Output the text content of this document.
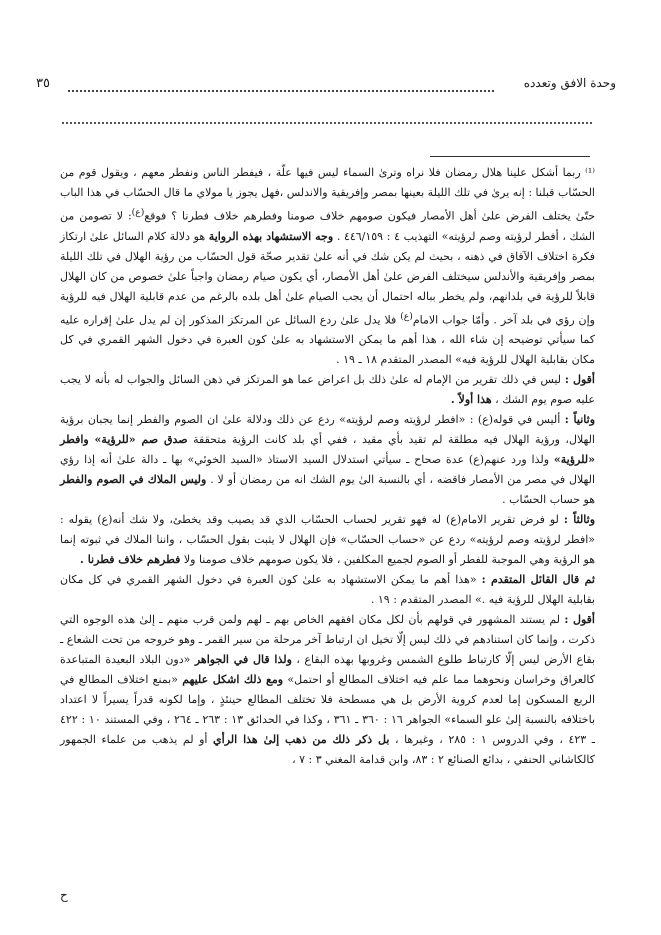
٣٥	وحدة الافق وتعدده

⁽¹⁾ ربما أشكل علينا هلال رمضان فلا نراه وترىٰ السماء ليس فيها علّة ، فيفطر الناس ونفطر معهم ، ويقول قوم من الحسّاب قبلنا : إنه يرىٰ في تلك الليلة بعينها بمصر وإفريقية والاندلس ،فهل يجوز يا مولاي ما قال الحسّاب في هذا الباب حتّىٰ يختلف الفرض علىٰ أهل الأمصار فيكون صومهم خلاف صومنا وفطرهم خلاف فطرنا ؟ فوقع$^{(ع)}$: لا تصومن من الشك ، أفطر لرؤيته وصم لرؤيته» التهذيب ٤ : ٤٤٦/١٥٩ . وجه الاستشهاد بهذه الرواية هو دلالة كلام السائل علىٰ ارتكاز فكرة اختلاف الآفاق في ذهنه ، بحيث لم يكن شك في أنه علىٰ تقدير صحّة قول الحسّاب من رؤية الهلال في تلك الليلة بمصر وإفريقية والأندلس سيختلف الفرض علىٰ أهل الأمصار، أي يكون صيام رمضان واجباً علىٰ خصوص من كان الهلال قابلاً للرؤية في بلدانهم، ولم يخطر بباله احتمال أن يجب الصيام علىٰ أهل بلده بالرغم من عدم قابلية الهلال فيه للرؤية وإن رؤي في بلد آخر . وأمّا جواب الامام$^{(ع)}$ فلا يدل علىٰ ردع السائل عن المرتكز المذكور إن لم يدل علىٰ إقراره عليه كما سيأتي توضيحه إن شاء الله ، هذا أهم ما يمكن الاستشهاد به علىٰ كون العبرة في دخول الشهر القمري في كل مكان بقابلية الهلال للرؤية فيه» المصدر المتقدم ١٨ ـ ١٩ .

أقول : ليس في ذلك تقرير من الإمام له علىٰ ذلك بل اعراض عما هو المرتكز في ذهن السائل والجواب له بأنه لا يجب عليه صوم يوم الشك ، هذا أولاً .

وثانياً : أليس في قوله(ع) : «افطر لرؤيته وصم لرؤيته» ردع عن ذلك ودلالة علىٰ ان الصوم والفطر إنما يجبان برؤية الهلال، ورؤية الهلال فيه مطلقة لم تقيد بأي مقيد ، ففي أي بلد كانت الرؤية متحققة صدق صم «للرؤية» وافطر «للرؤية» ولذا ورد عنهم(ع) عدة صحاح ـ سيأتي استدلال السيد الاستاذ «السيد الخوئي» بها ـ دالة علىٰ أنه إذا رؤي الهلال في مصر من الأمصار فاقضه ، أي بالنسبة الىٰ يوم الشك انه من رمضان أو لا . وليس الملاك في الصوم والفطر هو حساب الحسّاب .

وثالثاً : لو فرض تقرير الامام(ع) له فهو تقرير لحساب الحسّاب الذي قد يصيب وقد يخطئ، ولا شك أنه(ع) يقوله : «افطر لرؤيته وصم لرؤيته» ردع عن «حساب الحسّاب» فإن الهلال لا يثبت بقول الحسّاب ، واننا الملاك في ثبوته إنما هو الرؤية وهي الموجبة للفطر أو الصوم لجميع المكلفين ، فلا يكون صومهم خلاف صومنا ولا فطرهم خلاف فطرنا .

ثم قال القائل المتقدم : «هذا أهم ما يمكن الاستشهاد به علىٰ كون العبرة في دخول الشهر القمري في كل مكان بقابلية الهلال للرؤية فيه .» المصدر المتقدم : ١٩ .

أقول : لم يستند المشهور في قولهم بأن لكل مكان افقهم الخاص بهم ـ لهم ولمن قرب منهم ـ إلىٰ هذه الوجوه التي ذكرت ، وإنما كان استنادهم في ذلك ليس إلّا تخيل ان ارتباط آخر مرحلة من سير القمر ـ وهو خروجه من تحت الشعاع ـ بقاع الأرض ليس إلّا كارتباط طلوع الشمس وغروبها بهذه البقاع ، ولذا قال في الجواهر «دون البلاد البعيدة المتباعدة كالعراق وخراسان ونحوهما مما علم فيه اختلاف المطالع أو احتمل» ومع ذلك اشكل عليهم «بمنع اختلاف المطالع في الربع المسكون إما لعدم كروية الأرض بل هي مسطحة فلا تختلف المطالع حينئذٍ ، وإما لكونه قدراً يسيراً لا اعتداد باختلافه بالنسبة إلىٰ علو السماء» الجواهر ١٦ : ٣٦٠ ـ ٣٦١ ، وكذا في الحدائق ١٣ : ٢٦٣ ـ ٢٦٤ ، وفي المستند ١٠ : ٤٢٢ ـ ٤٢٣ ، وفي الدروس ١ : ٢٨٥ ، وغيرها ، بل ذكر ذلك من ذهب إلىٰ هذا الرأي أو لم يذهب من علماء الجمهور كالكاشاني الحنفي ، بدائع الصنائع ٢ : ٨٣، وابن قدامة المغني ٣ : ٧ ،

ح
